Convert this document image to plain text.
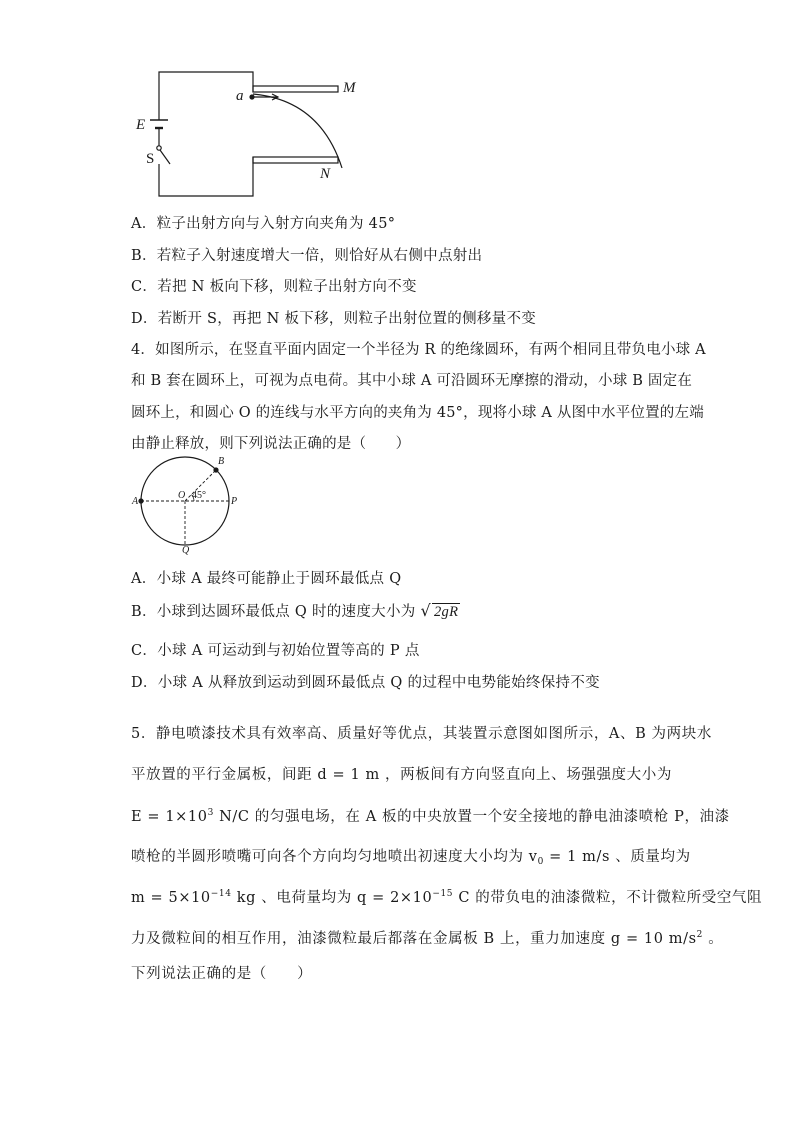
a	M
E
S
N
A．粒子出射方向与入射方向夹角为 45°
B．若粒子入射速度增大一倍，则恰好从右侧中点射出
C．若把 N 板向下移，则粒子出射方向不变
D．若断开 S，再把 N 板下移，则粒子出射位置的侧移量不变
4．如图所示，在竖直平面内固定一个半径为 R 的绝缘圆环，有两个相同且带负电小球 A
和 B 套在圆环上，可视为点电荷。其中小球 A 可沿圆环无摩擦的滑动，小球 B 固定在
圆环上，和圆心 O 的连线与水平方向的夹角为 45°，现将小球 A 从图中水平位置的左端
由静止释放，则下列说法正确的是（　　）
B
A
O 45°
P
Q
A．小球 A 最终可能静止于圆环最低点 Q
B．小球到达圆环最低点 Q 时的速度大小为 √ 2gR
C．小球 A 可运动到与初始位置等高的 P 点
D．小球 A 从释放到运动到圆环最低点 Q 的过程中电势能始终保持不变
5．静电喷漆技术具有效率高、质量好等优点，其装置示意图如图所示，A、B 为两块水
平放置的平行金属板，间距 d = 1 m ，两板间有方向竖直向上、场强强度大小为
$E = 1\times 10^3$ N/C 的匀强电场，在 A 板的中央放置一个安全接地的静电油漆喷枪 P，油漆
喷枪的半圆形喷嘴可向各个方向均匀地喷出初速度大小均为 $v_0 = 1$ m/s 、质量均为
$m = 5\times 10^{-14}$ kg 、电荷量均为 $q = 2\times 10^{-15}$ C 的带负电的油漆微粒，不计微粒所受空气阻
力及微粒间的相互作用，油漆微粒最后都落在金属板 B 上，重力加速度 g = 10 $m/s^2$ 。
下列说法正确的是（　　）
